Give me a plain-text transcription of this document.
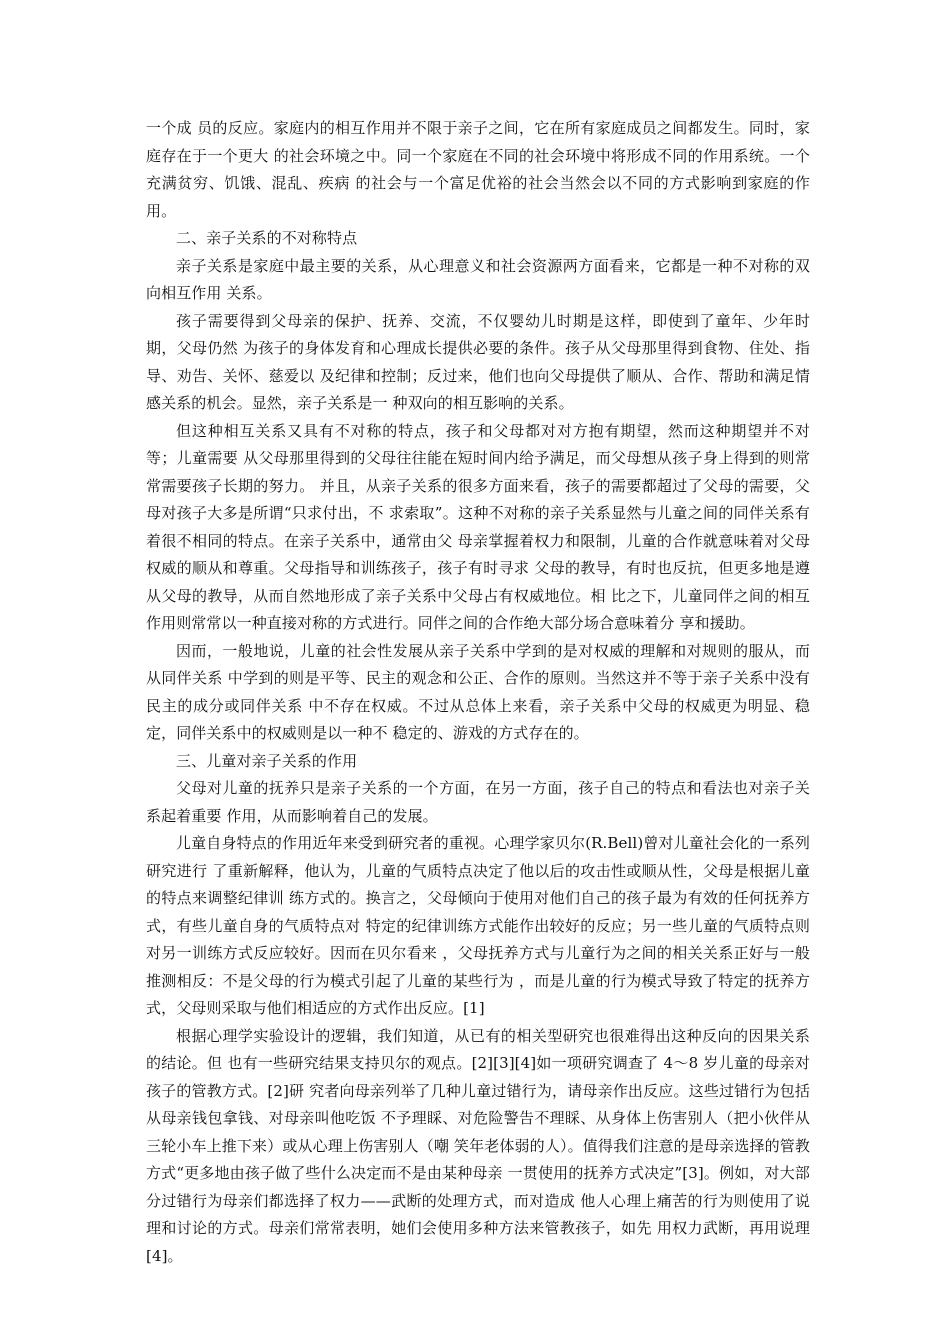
一个成 员的反应。家庭内的相互作用并不限于亲子之间，它在所有家庭成员之间都发生。同时，家庭存在于一个更大 的社会环境之中。同一个家庭在不同的社会环境中将形成不同的作用系统。一个充满贫穷、饥饿、混乱、疾病 的社会与一个富足优裕的社会当然会以不同的方式影响到家庭的作用。

二、亲子关系的不对称特点

亲子关系是家庭中最主要的关系，从心理意义和社会资源两方面看来，它都是一种不对称的双向相互作用 关系。

孩子需要得到父母亲的保护、抚养、交流，不仅婴幼儿时期是这样，即使到了童年、少年时期，父母仍然 为孩子的身体发育和心理成长提供必要的条件。孩子从父母那里得到食物、住处、指导、劝告、关怀、慈爱以 及纪律和控制；反过来，他们也向父母提供了顺从、合作、帮助和满足情感关系的机会。显然，亲子关系是一 种双向的相互影响的关系。

但这种相互关系又具有不对称的特点，孩子和父母都对对方抱有期望，然而这种期望并不对等；儿童需要 从父母那里得到的父母往往能在短时间内给予满足，而父母想从孩子身上得到的则常常需要孩子长期的努力。 并且，从亲子关系的很多方面来看，孩子的需要都超过了父母的需要，父母对孩子大多是所谓“只求付出，不 求索取”。这种不对称的亲子关系显然与儿童之间的同伴关系有着很不相同的特点。在亲子关系中，通常由父 母亲掌握着权力和限制，儿童的合作就意味着对父母权威的顺从和尊重。父母指导和训练孩子，孩子有时寻求 父母的教导，有时也反抗，但更多地是遵从父母的教导，从而自然地形成了亲子关系中父母占有权威地位。相 比之下，儿童同伴之间的相互作用则常常以一种直接对称的方式进行。同伴之间的合作绝大部分场合意味着分 享和援助。

因而，一般地说，儿童的社会性发展从亲子关系中学到的是对权威的理解和对规则的服从，而从同伴关系 中学到的则是平等、民主的观念和公正、合作的原则。当然这并不等于亲子关系中没有民主的成分或同伴关系 中不存在权威。不过从总体上来看，亲子关系中父母的权威更为明显、稳定，同伴关系中的权威则是以一种不 稳定的、游戏的方式存在的。

三、儿童对亲子关系的作用

父母对儿童的抚养只是亲子关系的一个方面，在另一方面，孩子自己的特点和看法也对亲子关系起着重要 作用，从而影响着自己的发展。

儿童自身特点的作用近年来受到研究者的重视。心理学家贝尔(R.Bell)曾对儿童社会化的一系列研究进行 了重新解释，他认为，儿童的气质特点决定了他以后的攻击性或顺从性，父母是根据儿童的特点来调整纪律训 练方式的。换言之，父母倾向于使用对他们自己的孩子最为有效的任何抚养方式，有些儿童自身的气质特点对 特定的纪律训练方式能作出较好的反应；另一些儿童的气质特点则对另一训练方式反应较好。因而在贝尔看来 ，父母抚养方式与儿童行为之间的相关关系正好与一般推测相反：不是父母的行为模式引起了儿童的某些行为 ，而是儿童的行为模式导致了特定的抚养方式，父母则采取与他们相适应的方式作出反应。[1]

根据心理学实验设计的逻辑，我们知道，从已有的相关型研究也很难得出这种反向的因果关系的结论。但 也有一些研究结果支持贝尔的观点。[2][3][4]如一项研究调查了 4～8 岁儿童的母亲对孩子的管教方式。[2]研 究者向母亲列举了几种儿童过错行为，请母亲作出反应。这些过错行为包括从母亲钱包拿钱、对母亲叫他吃饭 不予理睬、对危险警告不理睬、从身体上伤害别人（把小伙伴从三轮小车上推下来）或从心理上伤害别人（嘲 笑年老体弱的人）。值得我们注意的是母亲选择的管教方式“更多地由孩子做了些什么决定而不是由某种母亲 一贯使用的抚养方式决定”[3]。例如，对大部分过错行为母亲们都选择了权力——武断的处理方式，而对造成 他人心理上痛苦的行为则使用了说理和讨论的方式。母亲们常常表明，她们会使用多种方法来管教孩子，如先 用权力武断，再用说理[4]。
